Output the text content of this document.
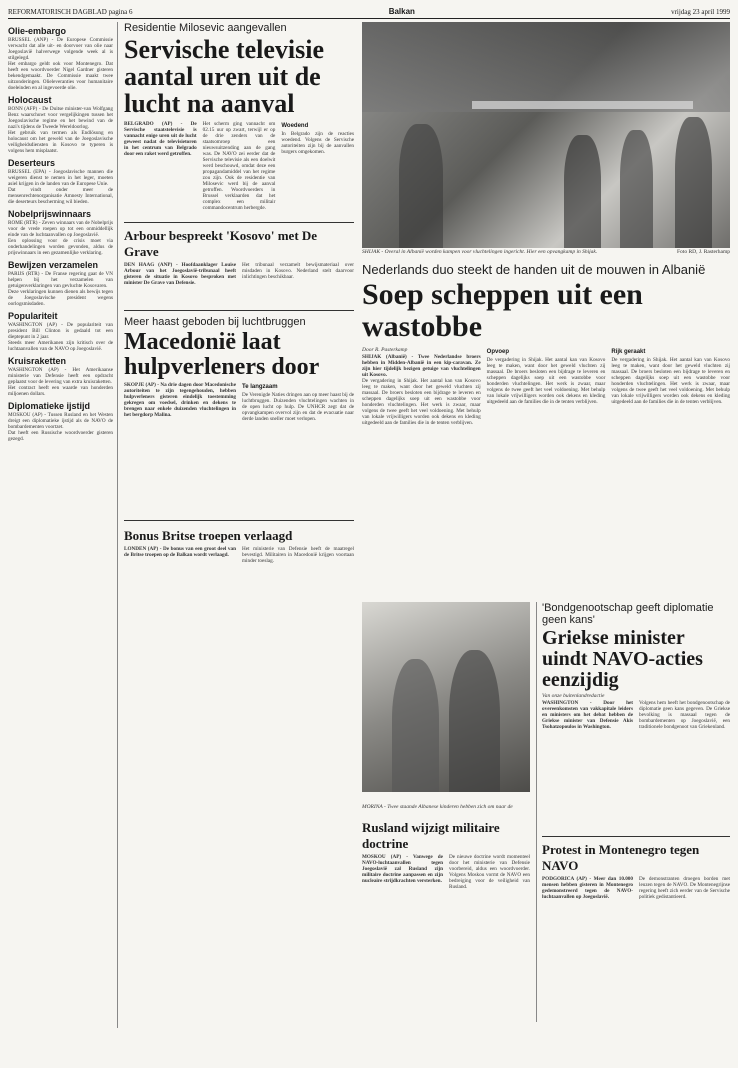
REFORMATORISCH DAGBLAD pagina 6	Balkan	vrijdag 23 april 1999
Olie-embargo

BRUSSEL (ANP) - De Europese Commissie verwacht dat alle uit- en doorvoer van olie naar Joegoslavië halverwege volgende week al is stilgelegd.

Het embargo geldt ook voor Montenegro. Dat heeft een woordvoerder Nigel Gardner gisteren bekendgemaakt. De Commissie maakt twee uitzonderingen. Olieleveranties voor humanitaire doeleinden en al ingevoerde olie.

Holocaust

BONN (AFP) - De Duitse minister-van Wolfgang Benz waarschuwt voor vergelijkingen tussen het Joegoslavische regime en het bewind van de nazi's tijdens de Tweede Wereldoorlog.

Het gebruik van termen als Endlösung en holocaust om het geweld van de Joegoslavische veiligheidsdiensten in Kosovo te typeren is volgens hem misplaatst.

Deserteurs

BRUSSEL (EPA) - Joegoslavische mannen die weigeren dienst te nemen in het leger, moeten asiel krijgen in de landen van de Europese Unie.

Dat vindt onder meer de mensenrechtenorganisatie Amnesty International, die deserteurs bescherming wil bieden.

Nobelprijswinnaars

ROME (RTR) - Zeven winnaars van de Nobelprijs voor de vrede roepen op tot een onmiddellijk einde van de luchtaanvallen op Joegoslavië.

Een oplossing voor de crisis moet via onderhandelingen worden gevonden, aldus de prijswinnaars in een gezamenlijke verklaring.

Bewijzen verzamelen

PARIJS (RTR) - De Franse regering gaat de VN helpen bij het verzamelen van getuigenverklaringen van gevluchte Kosovaren.

Deze verklaringen kunnen dienen als bewijs tegen de Joegoslavische president wegens oorlogsmisdaden.

Populariteit

WASHINGTON (AP) - De populariteit van president Bill Clinton is gedaald tot een dieptepunt in 2 jaar.

Steeds meer Amerikanen zijn kritisch over de luchtaanvallen van de NAVO op Joegoslavië.

Kruisraketten

WASHINGTON (AP) - Het Amerikaanse ministerie van Defensie heeft een opdracht geplaatst voor de levering van extra kruisraketten.

Het contract heeft een waarde van honderden miljoenen dollars.

Diplomatieke ijstijd

MOSKOU (AP) - Tussen Rusland en het Westen dreigt een diplomatieke ijstijd als de NAVO de bombardementen voortzet.

Dat heeft een Russische woordvoerder gisteren gezegd.

Residentie Milosevic aangevallen
Servische televisie aantal uren uit de lucht na aanval

BELGRADO (AP) - De Servische staatstelevisie is vannacht enige uren uit de lucht geweest nadat de televisietoren in het centrum van Belgrado door een raket werd getroffen.

Het scherm ging vannacht om 02.15 uur op zwart, terwijl er op de drie zenders van de staatsomroep een nieuwsuitzending aan de gang was. De NAVO zei eerder dat de Servische televisie als een doelwit werd beschouwd, omdat deze een propagandamiddel van het regime zou zijn. Ook de residentie van Milosevic werd bij de aanval getroffen. Woordvoerders in Brussel verklaarden dat het complex een militair commandocentrum herbergde.

Woedend

In Belgrado zijn de reacties woedend. Volgens de Servische autoriteiten zijn bij de aanvallen burgers omgekomen.

Arbour bespreekt 'Kosovo' met De Grave

DEN HAAG (ANP) - Hoofdaanklager Louise Arbour van het Joegoslavië-tribunaal heeft gisteren de situatie in Kosovo besproken met minister De Grave van Defensie.

Het tribunaal verzamelt bewijsmateriaal over misdaden in Kosovo. Nederland stelt daarvoor inlichtingen beschikbaar.

Meer haast geboden bij luchtbruggen
Macedonië laat hulpverleners door

SKOPJE (AP) - Na drie dagen door Macedonische autoriteiten te zijn tegengehouden, hebben hulpverleners gisteren eindelijk toestemming gekregen om voedsel, drinken en dekens te brengen naar enkele duizenden vluchtelingen in het bergdorp Malina.

Te langzaam

De Verenigde Naties dringen aan op meer haast bij de luchtbruggen. Duizenden vluchtelingen wachten in de open lucht op hulp. De UNHCR zegt dat de opvangkampen overvol zijn en dat de evacuatie naar derde landen sneller moet verlopen.

Bonus Britse troepen verlaagd

LONDEN (AP) - De bonus van een groot deel van de Britse troepen op de Balkan wordt verlaagd.

Het ministerie van Defensie heeft de maatregel bevestigd. Militairen in Macedonië krijgen voortaan minder toeslag.

SHIJAK - Overal in Albanië worden kampen voor vluchtelingen ingericht. Hier een opvangkamp in Shijak.	Foto RD, J. Rasterhamp
Nederlands duo steekt de handen uit de mouwen in Albanië
Soep scheppen uit een wastobbe
Door R. Pasterkamp

SHIJAK (Albanië) - Twee Nederlandse broers hebben in Midden-Albanië in een kip-caravan. Ze zijn hier tijdelijk bezigen getuige van vluchtelingen uit Kosovo.

De vergadering in Shijak. Het aantal kan van Kosovo leeg te maken, want door het geweld vluchten zij massaal. De broers besloten een bijdrage te leveren en scheppen dagelijks soep uit een wastobbe voor honderden vluchtelingen. Het werk is zwaar, maar volgens de twee geeft het veel voldoening. Met behulp van lokale vrijwilligers worden ook dekens en kleding uitgedeeld aan de families die in de tenten verblijven.

Opvoep

De vergadering in Shijak. Het aantal kan van Kosovo leeg te maken, want door het geweld vluchten zij massaal. De broers besloten een bijdrage te leveren en scheppen dagelijks soep uit een wastobbe voor honderden vluchtelingen. Het werk is zwaar, maar volgens de twee geeft het veel voldoening. Met behulp van lokale vrijwilligers worden ook dekens en kleding uitgedeeld aan de families die in de tenten verblijven.

Rijk geraakt

De vergadering in Shijak. Het aantal kan van Kosovo leeg te maken, want door het geweld vluchten zij massaal. De broers besloten een bijdrage te leveren en scheppen dagelijks soep uit een wastobbe voor honderden vluchtelingen. Het werk is zwaar, maar volgens de twee geeft het veel voldoening. Met behulp van lokale vrijwilligers worden ook dekens en kleding uitgedeeld aan de families die in de tenten verblijven.

MORINA - Twee staande Albanese kinderen hebben zich om naar de
Rusland wijzigt militaire doctrine

MOSKOU (AP) - Vanwege de NAVO-luchtaanvallen tegen Joegoslavië zal Rusland zijn militaire doctrine aanpassen en zijn nucleaire strijdkrachten versterken.

De nieuwe doctrine wordt momenteel door het ministerie van Defensie voorbereid, aldus een woordvoerder. Volgens Moskou vormt de NAVO een bedreiging voor de veiligheid van Rusland.

'Bondgenootschap geeft diplomatie geen kans'
Griekse minister uindt NAVO-acties eenzijdig
Van onze buitenlandredactie

WASHINGTON - Door het overeenkomsten van vakkapitale leiders en ministers om het debat hebben de Griekse minister van Defensie Akis Tsohatzopoulos in Washington.

Volgens hem heeft het bondgenootschap de diplomatie geen kans gegeven. De Griekse bevolking is massaal tegen de bombardementen op Joegoslavië, een traditionele bondgenoot van Griekenland.

Protest in Montenegro tegen NAVO

PODGORICA (AP) - Meer dan 10.000 mensen hebben gisteren in Montenegro gedemonstreerd tegen de NAVO-luchtaanvallen op Joegoslavië.

De demonstranten droegen borden met leuzen tegen de NAVO. De Montenegrijnse regering heeft zich eerder van de Servische politiek gedistantieerd.
